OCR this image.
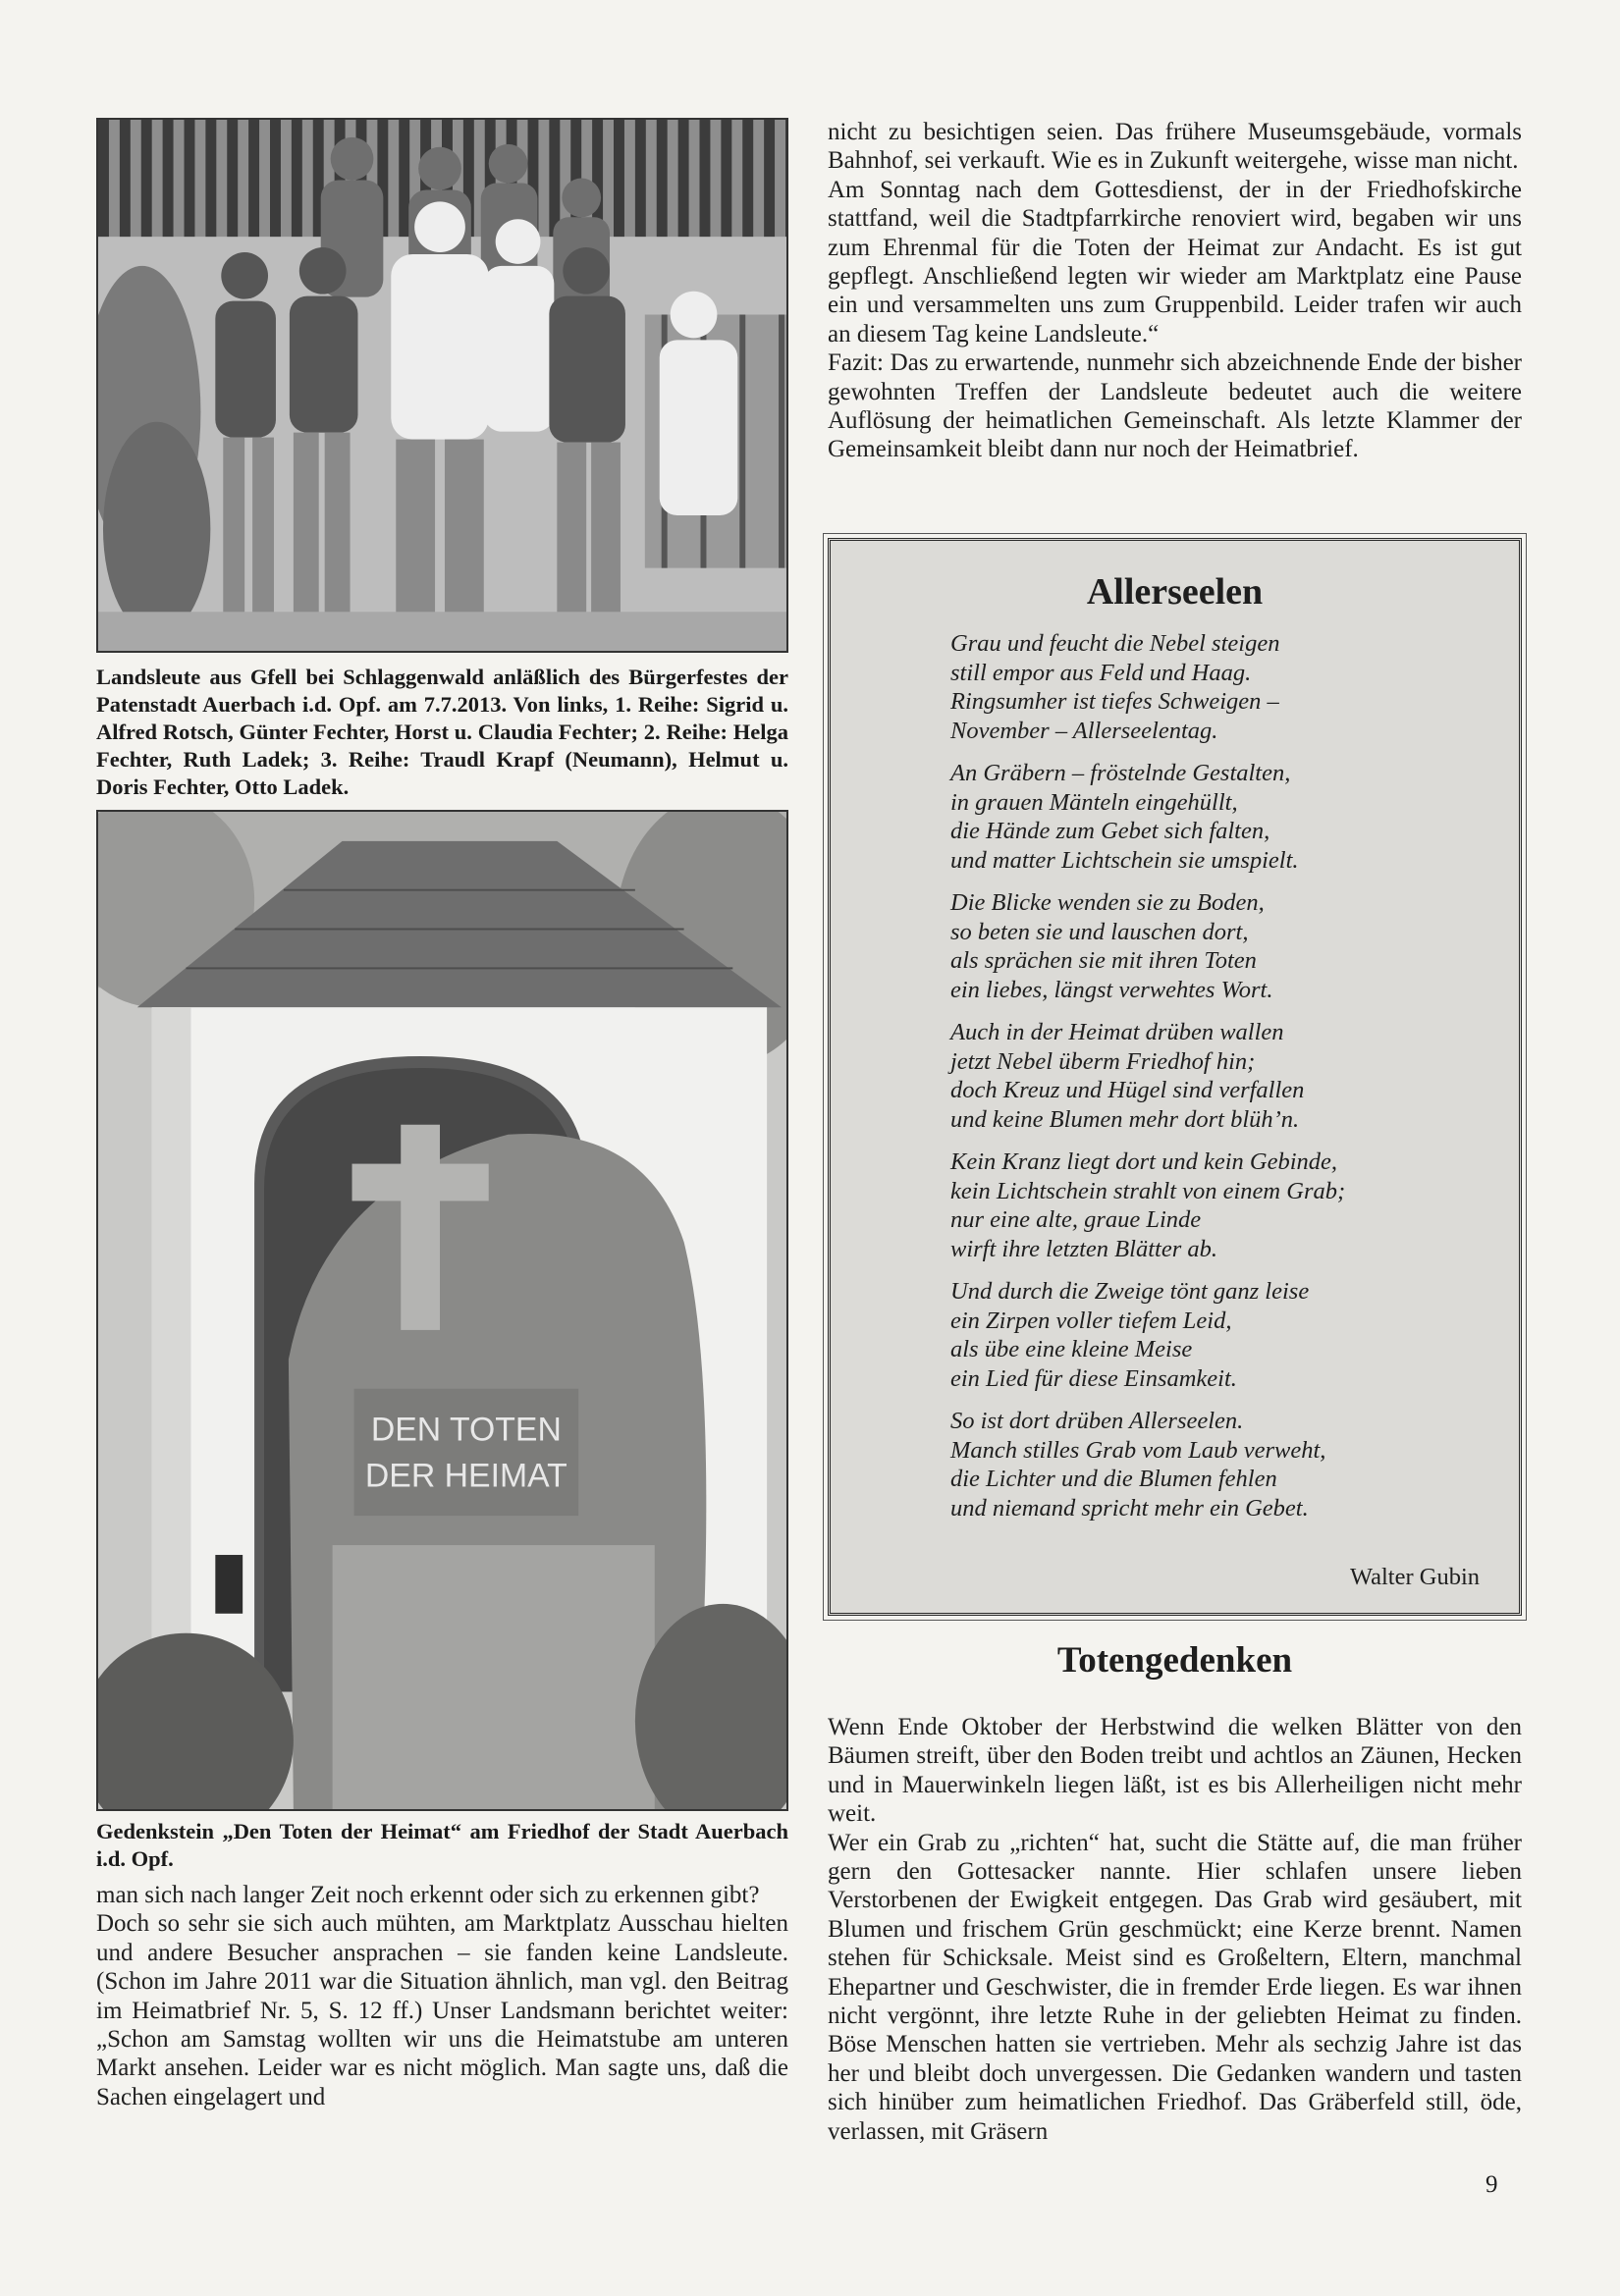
Landsleute aus Gfell bei Schlaggenwald anläßlich des Bürgerfestes der Patenstadt Auerbach i.d. Opf. am 7.7.2013. Von links, 1. Reihe: Sigrid u. Alfred Rotsch, Günter Fechter, Horst u. Claudia Fechter; 2. Reihe: Helga Fechter, Ruth Ladek; 3. Reihe: Traudl Krapf (Neumann), Helmut u. Doris Fechter, Otto Ladek.
DEN TOTEN
DER HEIMAT
Gedenkstein „Den Toten der Heimat“ am Friedhof der Stadt Auerbach i.d. Opf.

man sich nach langer Zeit noch erkennt oder sich zu erkennen gibt?

Doch so sehr sie sich auch mühten, am Marktplatz Ausschau hielten und andere Besucher ansprachen – sie fanden keine Landsleute. (Schon im Jahre 2011 war die Situation ähnlich, man vgl. den Beitrag im Heimatbrief Nr. 5, S. 12 ff.) Unser Landsmann berichtet weiter: „Schon am Samstag wollten wir uns die Heimatstube am unteren Markt ansehen. Leider war es nicht möglich. Man sagte uns, daß die Sachen eingelagert und

nicht zu besichtigen seien. Das frühere Museumsgebäude, vormals Bahnhof, sei verkauft. Wie es in Zukunft weitergehe, wisse man nicht.

Am Sonntag nach dem Gottesdienst, der in der Friedhofskirche stattfand, weil die Stadtpfarrkirche renoviert wird, begaben wir uns zum Ehrenmal für die Toten der Heimat zur Andacht. Es ist gut gepflegt. Anschließend legten wir wieder am Marktplatz eine Pause ein und versammelten uns zum Gruppenbild. Leider trafen wir auch an diesem Tag keine Landsleute.“

Fazit: Das zu erwartende, nunmehr sich abzeichnende Ende der bisher gewohnten Treffen der Landsleute bedeutet auch die weitere Auflösung der heimatlichen Gemeinschaft. Als letzte Klammer der Gemeinsamkeit bleibt dann nur noch der Heimatbrief.

Allerseelen
Grau und feucht die Nebel steigen
still empor aus Feld und Haag.
Ringsumher ist tiefes Schweigen –
November – Allerseelentag.
An Gräbern – fröstelnde Gestalten,
in grauen Mänteln eingehüllt,
die Hände zum Gebet sich falten,
und matter Lichtschein sie umspielt.
Die Blicke wenden sie zu Boden,
so beten sie und lauschen dort,
als sprächen sie mit ihren Toten
ein liebes, längst verwehtes Wort.
Auch in der Heimat drüben wallen
jetzt Nebel überm Friedhof hin;
doch Kreuz und Hügel sind verfallen
und keine Blumen mehr dort blüh’n.
Kein Kranz liegt dort und kein Gebinde,
kein Lichtschein strahlt von einem Grab;
nur eine alte, graue Linde
wirft ihre letzten Blätter ab.
Und durch die Zweige tönt ganz leise
ein Zirpen voller tiefem Leid,
als übe eine kleine Meise
ein Lied für diese Einsamkeit.
So ist dort drüben Allerseelen.
Manch stilles Grab vom Laub verweht,
die Lichter und die Blumen fehlen
und niemand spricht mehr ein Gebet.
Walter Gubin
Totengedenken

Wenn Ende Oktober der Herbstwind die welken Blätter von den Bäumen streift, über den Boden treibt und achtlos an Zäunen, Hecken und in Mauerwinkeln liegen läßt, ist es bis Allerheiligen nicht mehr weit.

Wer ein Grab zu „richten“ hat, sucht die Stätte auf, die man früher gern den Gottesacker nannte. Hier schlafen unsere lieben Verstorbenen der Ewigkeit entgegen. Das Grab wird gesäubert, mit Blumen und frischem Grün geschmückt; eine Kerze brennt. Namen stehen für Schicksale. Meist sind es Großeltern, Eltern, manchmal Ehepartner und Geschwister, die in fremder Erde liegen. Es war ihnen nicht vergönnt, ihre letzte Ruhe in der geliebten Heimat zu finden. Böse Menschen hatten sie vertrieben. Mehr als sechzig Jahre ist das her und bleibt doch unvergessen. Die Gedanken wandern und tasten sich hinüber zum heimatlichen Friedhof. Das Gräberfeld still, öde, verlassen, mit Gräsern

9
